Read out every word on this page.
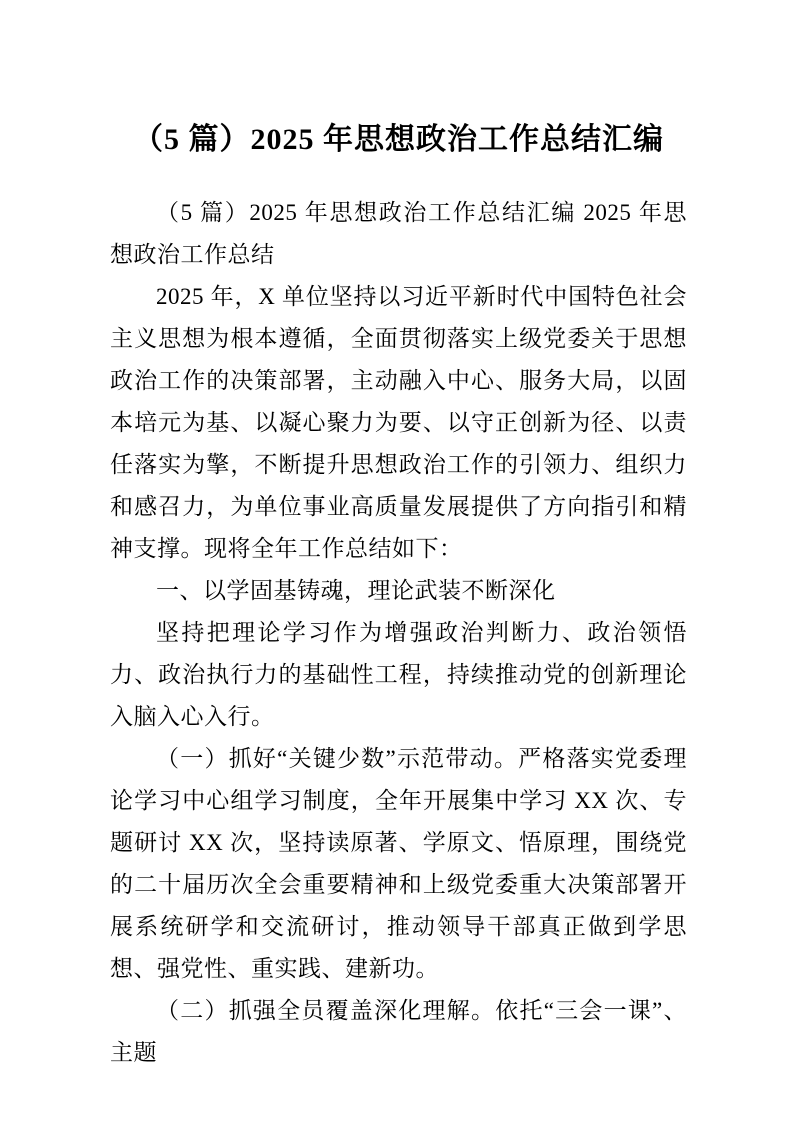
（5 篇）2025 年思想政治工作总结汇编

（5 篇）2025 年思想政治工作总结汇编 2025 年思想政治工作总结

2025 年，X 单位坚持以习近平新时代中国特色社会主义思想为根本遵循，全面贯彻落实上级党委关于思想政治工作的决策部署，主动融入中心、服务大局，以固本培元为基、以凝心聚力为要、以守正创新为径、以责任落实为擎，不断提升思想政治工作的引领力、组织力和感召力，为单位事业高质量发展提供了方向指引和精神支撑。现将全年工作总结如下：

一、以学固基铸魂，理论武装不断深化

坚持把理论学习作为增强政治判断力、政治领悟力、政治执行力的基础性工程，持续推动党的创新理论入脑入心入行。

（一）抓好“关键少数”示范带动。严格落实党委理论学习中心组学习制度，全年开展集中学习 XX 次、专题研讨 XX 次，坚持读原著、学原文、悟原理，围绕党的二十届历次全会重要精神和上级党委重大决策部署开展系统研学和交流研讨，推动领导干部真正做到学思想、强党性、重实践、建新功。

（二）抓强全员覆盖深化理解。依托“三会一课”、主题
